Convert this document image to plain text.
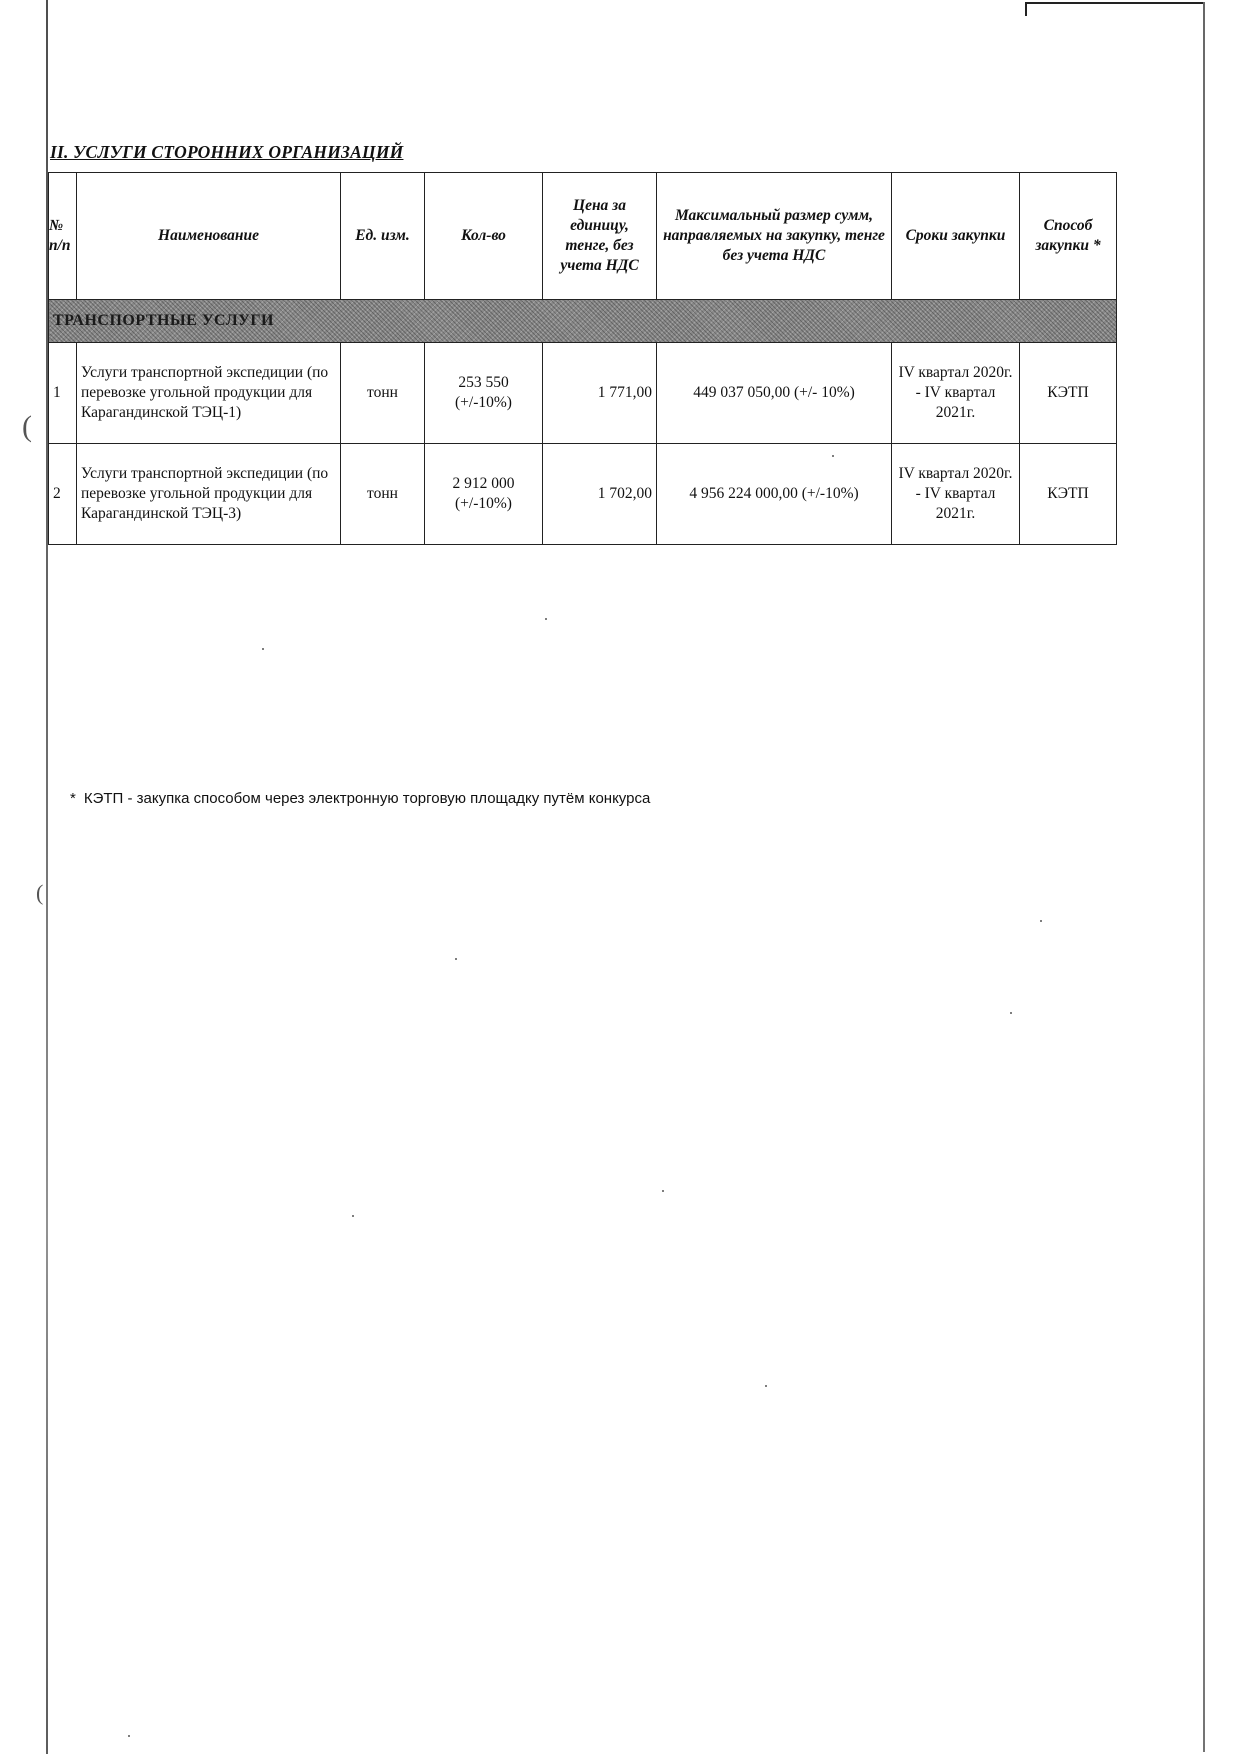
(
(
II. УСЛУГИ СТОРОННИХ ОРГАНИЗАЦИЙ
№ п/п	Наименование	Ед. изм.	Кол-во	Цена за единицу, тенге, без учета НДС	Максимальный размер сумм, направляемых на закупку, тенге без учета НДС	Сроки закупки	Способ закупки *
ТРАНСПОРТНЫЕ УСЛУГИ							
1	Услуги транспортной экспедиции (по перевозке угольной продукции для Карагандинской ТЭЦ-1)	тонн	253 550 (+/-10%)	1 771,00	449 037 050,00 (+/- 10%)	IV квартал 2020г. - IV квартал 2021г.	КЭТП
2	Услуги транспортной экспедиции (по перевозке угольной продукции для Карагандинской ТЭЦ-3)	тонн	2 912 000 (+/-10%)	1 702,00	4 956 224 000,00 (+/-10%)	IV квартал 2020г. - IV квартал 2021г.	КЭТП
* КЭТП - закупка способом через электронную торговую площадку путём конкурса
